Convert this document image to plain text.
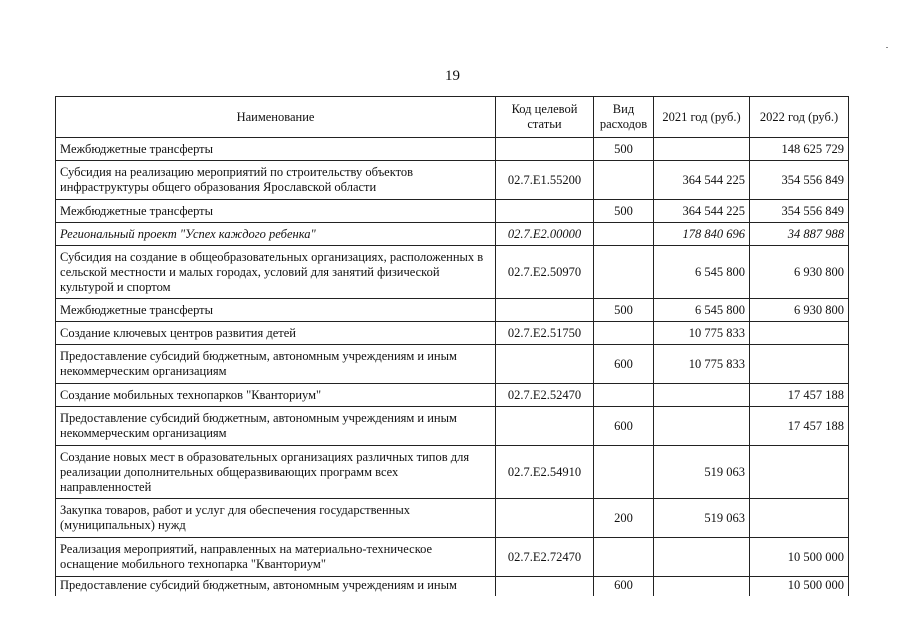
19
Наименование	Код целевой статьи	Вид расходов	2021 год (руб.)	2022 год (руб.)
Межбюджетные трансферты		500		148 625 729
Субсидия на реализацию мероприятий по строительству объектов инфраструктуры общего образования Ярославской области	02.7.Е1.55200		364 544 225	354 556 849
Межбюджетные трансферты		500	364 544 225	354 556 849
Региональный проект "Успех каждого ребенка"	02.7.Е2.00000		178 840 696	34 887 988
Субсидия на создание в общеобразовательных организациях, расположенных в сельской местности и малых городах, условий для занятий физической культурой и спортом	02.7.Е2.50970		6 545 800	6 930 800
Межбюджетные трансферты		500	6 545 800	6 930 800
Создание ключевых центров развития детей	02.7.Е2.51750		10 775 833	
Предоставление субсидий бюджетным, автономным учреждениям и иным некоммерческим организациям		600	10 775 833	
Создание мобильных технопарков "Кванториум"	02.7.Е2.52470			17 457 188
Предоставление субсидий бюджетным, автономным учреждениям и иным некоммерческим организациям		600		17 457 188
Создание новых мест в образовательных организациях различных типов для реализации дополнительных общеразвивающих программ всех направленностей	02.7.Е2.54910		519 063	
Закупка товаров, работ и услуг для обеспечения государственных (муниципальных) нужд		200	519 063	
Реализация мероприятий, направленных на материально-техническое оснащение мобильного технопарка "Кванториум"	02.7.Е2.72470			10 500 000
Предоставление субсидий бюджетным, автономным учреждениям и иным		600		10 500 000
